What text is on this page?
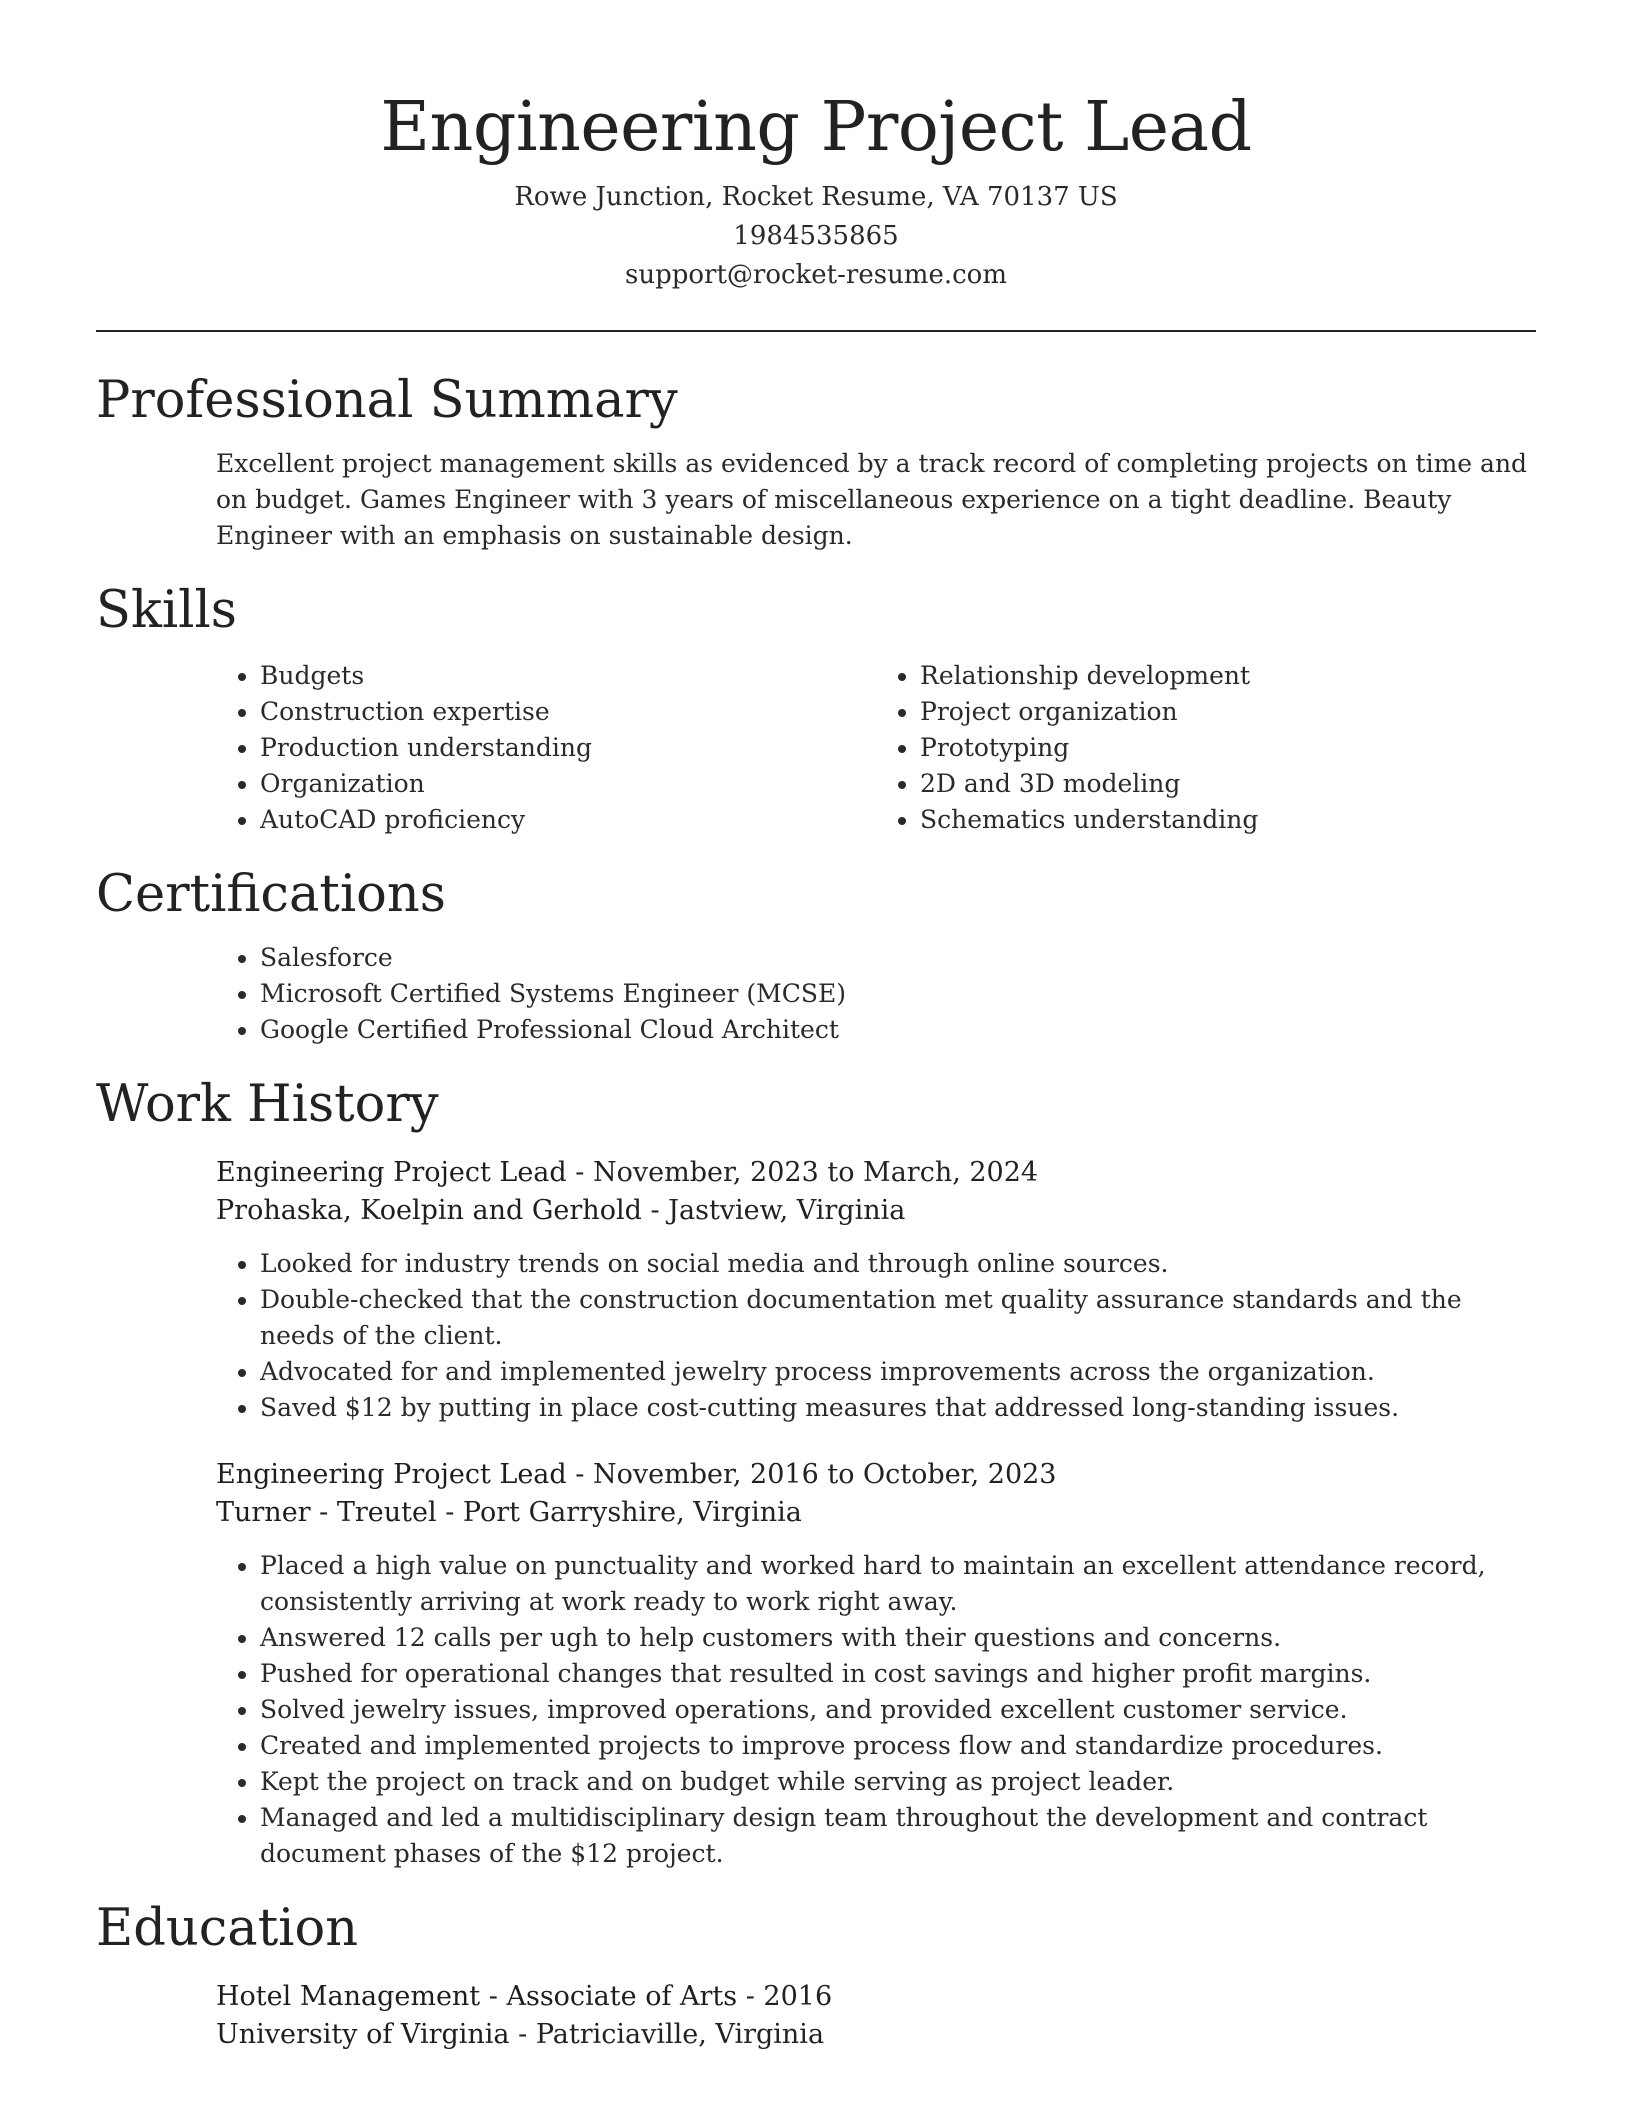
Engineering Project Lead
Rowe Junction, Rocket Resume, VA 70137 US
1984535865
support@rocket-resume.com
Professional Summary

Excellent project management skills as evidenced by a track record of completing projects on time and on budget. Games Engineer with 3 years of miscellaneous experience on a tight deadline. Beauty Engineer with an emphasis on sustainable design.

Skills
• Budgets
• Construction expertise
• Production understanding
• Organization
• AutoCAD proficiency
• Relationship development
• Project organization
• Prototyping
• 2D and 3D modeling
• Schematics understanding
Certifications
• Salesforce
• Microsoft Certified Systems Engineer (MCSE)
• Google Certified Professional Cloud Architect
Work History
Engineering Project Lead - November, 2023 to March, 2024
Prohaska, Koelpin and Gerhold - Jastview, Virginia
• Looked for industry trends on social media and through online sources.
• Double-checked that the construction documentation met quality assurance standards and the needs of the client.
• Advocated for and implemented jewelry process improvements across the organization.
• Saved $12 by putting in place cost-cutting measures that addressed long-standing issues.
Engineering Project Lead - November, 2016 to October, 2023
Turner - Treutel - Port Garryshire, Virginia
• Placed a high value on punctuality and worked hard to maintain an excellent attendance record, consistently arriving at work ready to work right away.
• Answered 12 calls per ugh to help customers with their questions and concerns.
• Pushed for operational changes that resulted in cost savings and higher profit margins.
• Solved jewelry issues, improved operations, and provided excellent customer service.
• Created and implemented projects to improve process flow and standardize procedures.
• Kept the project on track and on budget while serving as project leader.
• Managed and led a multidisciplinary design team throughout the development and contract document phases of the $12 project.
Education
Hotel Management - Associate of Arts - 2016
University of Virginia - Patriciaville, Virginia
